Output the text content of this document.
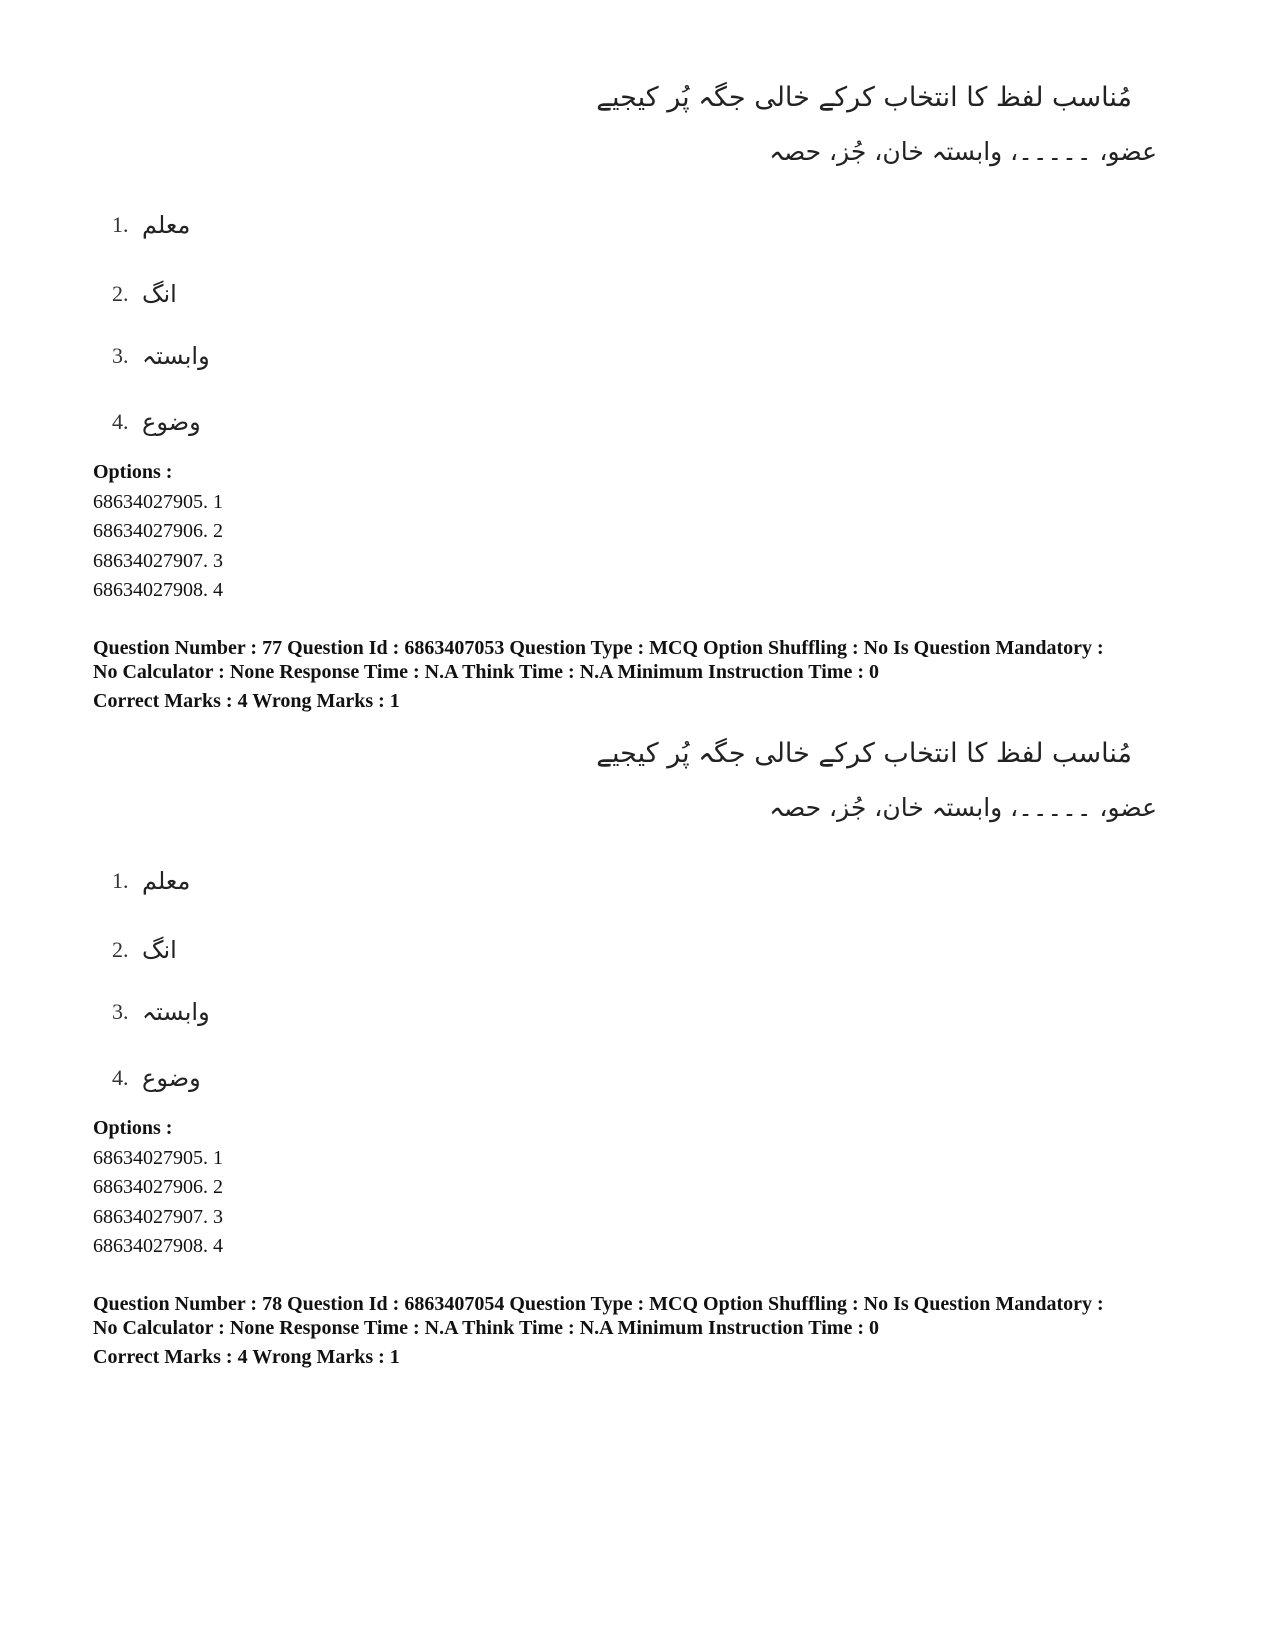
مُناسب لفظ کا انتخاب کرکے خالی جگہ پُر کیجیے
عضو، ۔۔۔۔۔، وابستہ خان، جُز، حصہ
1. معلم
2. انگ
3. وابستہ
4. وضوع
Options :
68634027905. 1
68634027906. 2
68634027907. 3
68634027908. 4
Question Number : 77 Question Id : 6863407053 Question Type : MCQ Option Shuffling : No Is Question Mandatory :
No Calculator : None Response Time : N.A Think Time : N.A Minimum Instruction Time : 0
Correct Marks : 4 Wrong Marks : 1
مُناسب لفظ کا انتخاب کرکے خالی جگہ پُر کیجیے
عضو، ۔۔۔۔۔، وابستہ خان، جُز، حصہ
1. معلم
2. انگ
3. وابستہ
4. وضوع
Options :
68634027905. 1
68634027906. 2
68634027907. 3
68634027908. 4
Question Number : 78 Question Id : 6863407054 Question Type : MCQ Option Shuffling : No Is Question Mandatory :
No Calculator : None Response Time : N.A Think Time : N.A Minimum Instruction Time : 0
Correct Marks : 4 Wrong Marks : 1
